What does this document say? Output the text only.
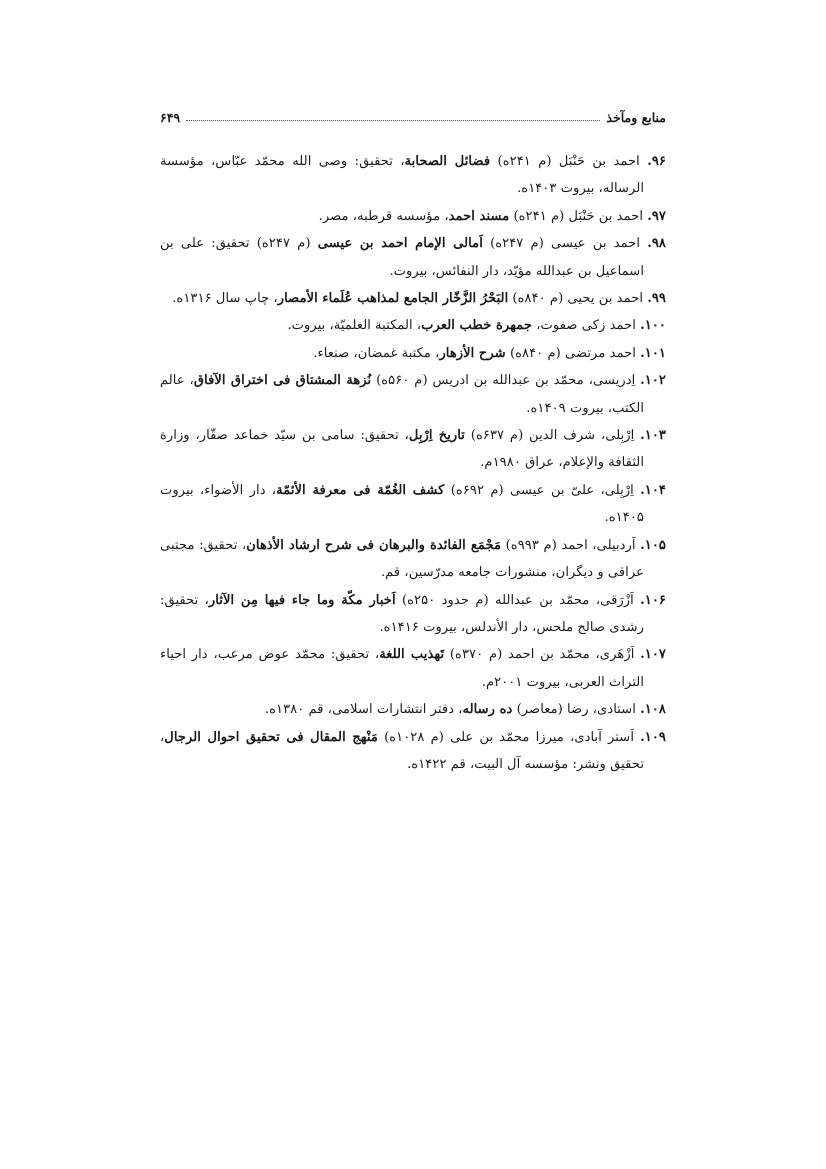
منابع ومآخذ
۶۴۹

۹۶. احمد بن حَنْبَل (م ۲۴۱ه) فضائل الصحابة، تحقیق: وصی الله محمّد عبّاس، مؤسسة الرساله، بیروت ۱۴۰۳ه.

۹۷. احمد بن حَنْبَل (م ۲۴۱ه) مسند احمد، مؤسسه قرطبه، مصر.

۹۸. احمد بن عیسی (م ۲۴۷ه) اَمالی الإمام احمد بن عیسی (م ۲۴۷ه) تحقیق: علی بن اسماعیل بن عبدالله مؤیّد، دار النفائس، بیروت.

۹۹. احمد بن یحیی (م ۸۴۰ه) البَحْرُ الزَّخّار الجامع لمذاهب عُلَماء الأمصار، چاپ سال ۱۳۱۶ه.

۱۰۰. احمد زکی صفوت، جمهرة خطب العرب، المکتبة العلمیّة، بیروت.

۱۰۱. احمد مرتضی (م ۸۴۰ه) شرح الأزهار، مکتبة غمضان، صنعاء.

۱۰۲. اِدریسی، محمّد بن عبدالله بن ادریس (م ۵۶۰ه) نُزهة المشتاق فی اختراق الآفاق، عالم الکتب، بیروت ۱۴۰۹ه.

۱۰۳. اِرْبِلی، شرف الدین (م ۶۳۷ه) تاریخ اِرْبِل، تحقیق: سامی بن سیّد خماعد صقّار، وزارة الثقافة والإعلام، عراق ۱۹۸۰م.

۱۰۴. اِرْبِلی، علیّ بن عیسی (م ۶۹۲ه) کشف الغُمّة فی معرفة الأئمّة، دار الأضواء، بیروت ۱۴۰۵ه.

۱۰۵. اَردبیلی، احمد (م ۹۹۳ه) مَجْمَع الفائدة والبرهان فی شرح ارشاد الأذهان، تحقیق: مجتبی عراقی و دیگران، منشورات جامعه مدرّسین، قم.

۱۰۶. اَزْرَقی، محمّد بن عبدالله (م حدود ۲۵۰ه) اَخبار مکّة وما جاء فیها مِن الآثار، تحقیق: رشدی صالح ملحس، دار الأندلس، بیروت ۱۴۱۶ه.

۱۰۷. اَزْهَری، محمّد بن احمد (م ۳۷۰ه) تَهذیب اللغة، تحقیق: محمّد عوض مرعب، دار احیاء التراث العربی، بیروت ۲۰۰۱م.

۱۰۸. استادی، رضا (معاصر) ده رساله، دفتر انتشارات اسلامی، قم ۱۳۸۰ه.

۱۰۹. اَستر آبادی، میرزا محمّد بن علی (م ۱۰۲۸ه) مَنْهج المقال فی تحقیق احوال الرجال، تحقیق ونشر: مؤسسه آل البیت، قم ۱۴۲۲ه.
